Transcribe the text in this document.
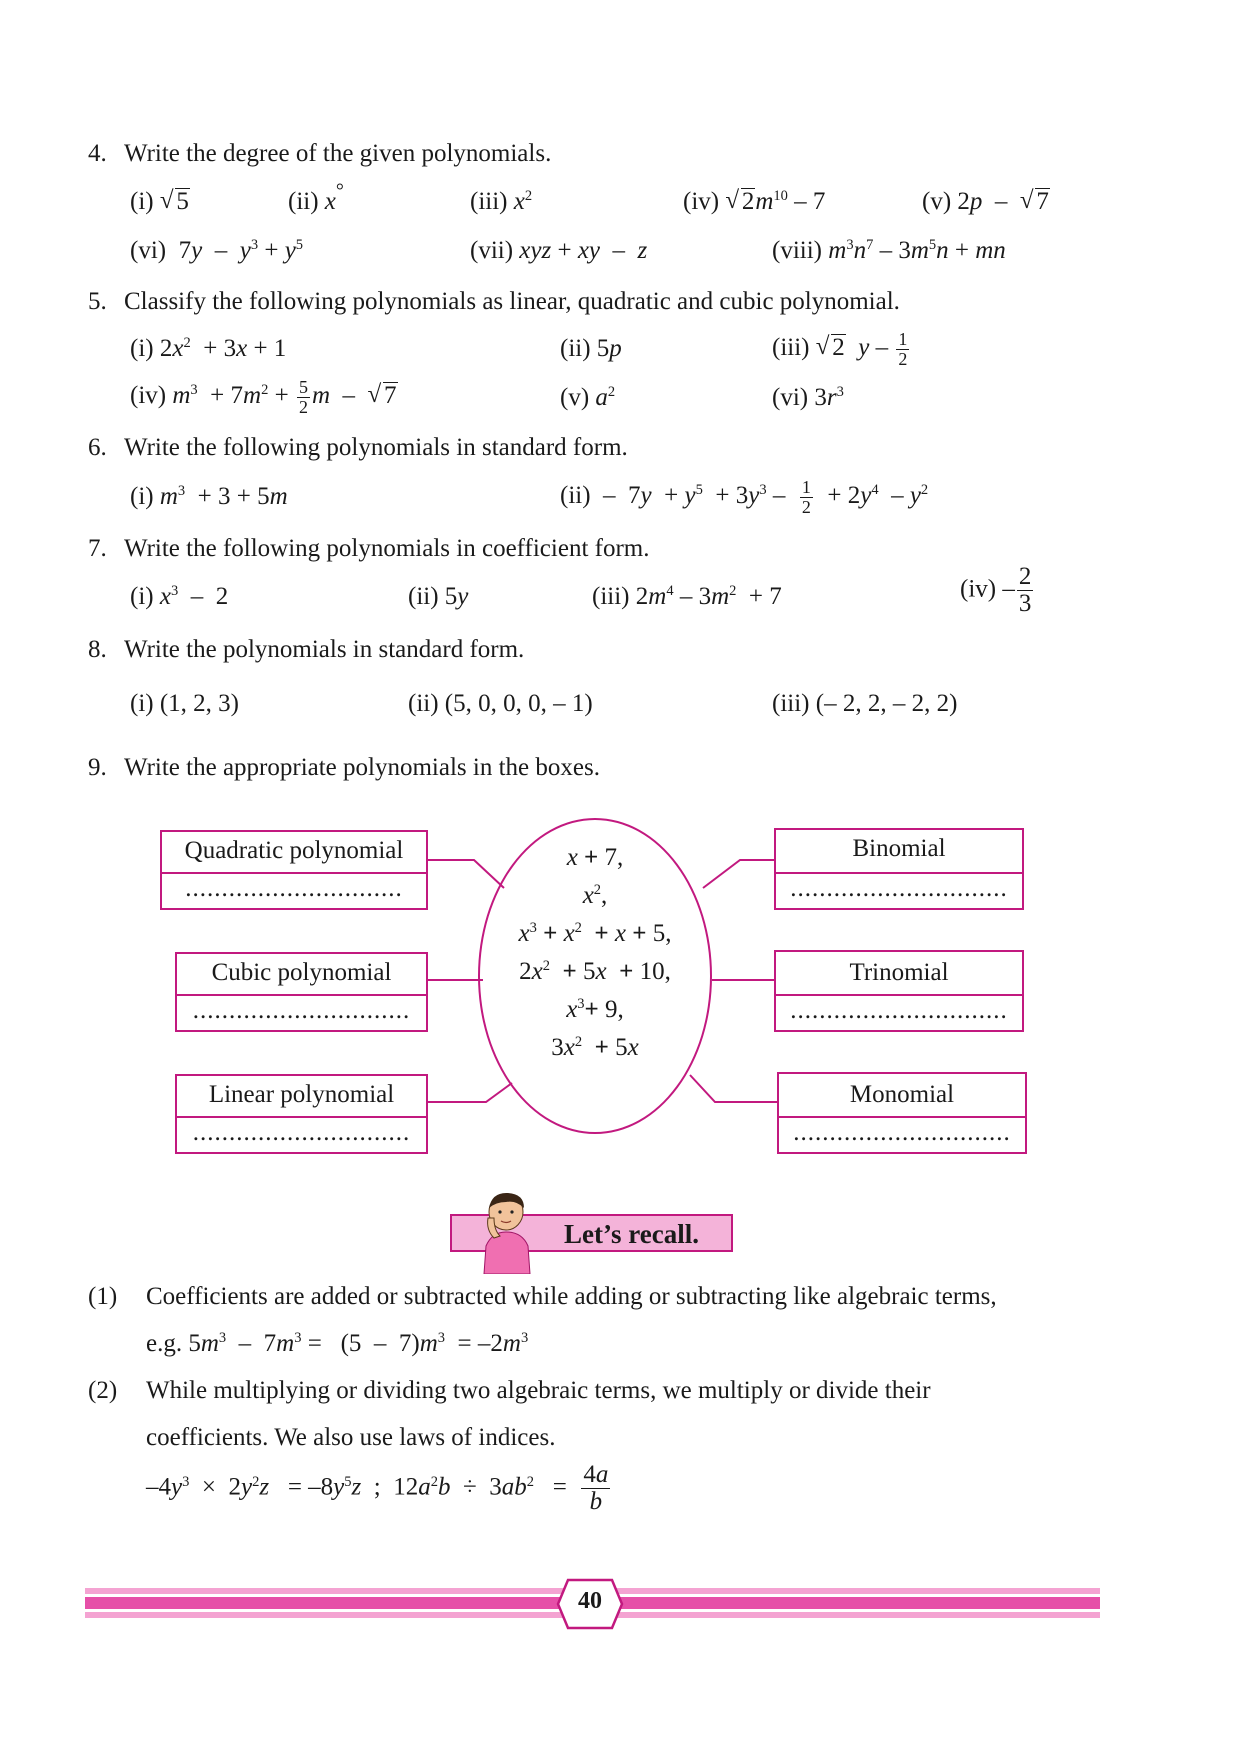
4. Write the degree of the given polynomials.
(i) √ 5	(ii) x°	(iii) $x^2$	(iv) √ $2m^{10} - 7$	(v) 2p  –  √ 7
(vi)  $7y - y^3 + y^5$	(vii) xyz + xy  –  z	(viii) $m^3n^7 - 3m^5n$ + mn
5. Classify the following polynomials as linear, quadratic and cubic polynomial.
(i) $2x^2 + 3x + 1$	(ii) 5p	(iii) √ 2 y – $\frac{1}{2}$
(iv) $m^3 + 7m^2 + \frac{5}{2}$ m  –  √ 7	(v) $a^2$	(vi) $3r^3$
6. Write the following polynomials in standard form.
(i) $m^3 + 3 + 5m$	$(ii) - 7y + y^5 + 3y^3 - \frac{1}{2} + 2y^4 - y^2$
7. Write the following polynomials in coefficient form.
(i) $x^3 - 2$	(ii) 5y	(iii) $2m^4 - 3m^2 + 7$	$(iv) - \frac{2}{3}$
8. Write the polynomials in standard form.
(i) (1, 2, 3)	(ii) (5, 0, 0, 0, – 1)	(iii) (– 2, 2, – 2, 2)
9. Write the appropriate polynomials in the boxes.
Quadratic polynomial
..............................
Cubic polynomial
..............................
Linear polynomial
..............................
Binomial
..............................
Trinomial
..............................
Monomial
..............................
x + 7,
$x^2$,
$x^3 + x^2 + x + 5$,
$2x^2 + 5x + 10$,
$x^3+ 9$,
$3x^2 + 5x$
Let’s recall.
(1) Coefficients are added or subtracted while adding or subtracting like algebraic terms,
e.g. $5m^3 - 7m^3 = (5 - 7)m^3 = -2m^3$
(2) While multiplying or dividing two algebraic terms, we multiply or divide their
coefficients. We also use laws of indices.
$-4y^3 \times 2y^2z = -8y^5z$  ;  $12a^2b \div 3ab^2 = \frac{4a}{b}$
40
